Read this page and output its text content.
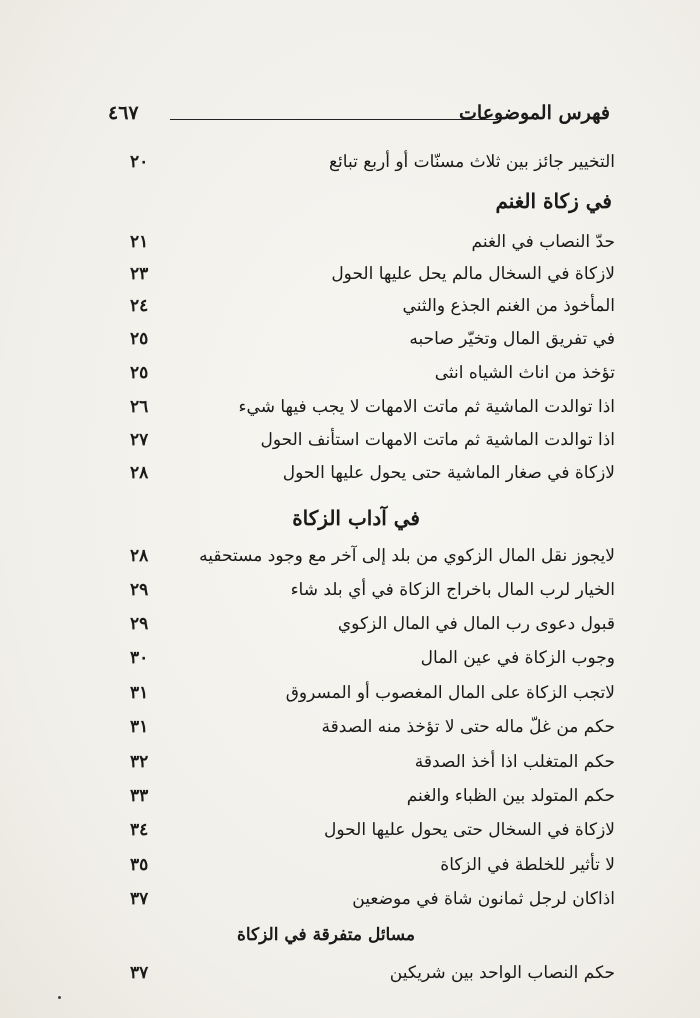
فهرس الموضوعات
٤٦٧
التخيير جائز بين ثلاث مسنّات أو أربع تبائع
٢٠
في زكاة الغنم
حدّ النصاب في الغنم
٢١
لازكاة في السخال مالم يحل عليها الحول
٢٣
المأخوذ من الغنم الجذع والثني
٢٤
في تفريق المال وتخيّر صاحبه
٢٥
تؤخذ من اناث الشياه انثى
٢٥
اذا توالدت الماشية ثم ماتت الامهات لا يجب فيها شيء
٢٦
اذا توالدت الماشية ثم ماتت الامهات استأنف الحول
٢٧
لازكاة في صغار الماشية حتى يحول عليها الحول
٢٨
في آداب الزكاة
لايجوز نقل المال الزكوي من بلد إلى آخر مع وجود مستحقيه
٢٨
الخيار لرب المال باخراج الزكاة في أي بلد شاء
٢٩
قبول دعوى رب المال في المال الزكوي
٢٩
وجوب الزكاة في عين المال
٣٠
لاتجب الزكاة على المال المغصوب أو المسروق
٣١
حكم من غلّ ماله حتى لا تؤخذ منه الصدقة
٣١
حكم المتغلب اذا أخذ الصدقة
٣٢
حكم المتولد بين الظباء والغنم
٣٣
لازكاة في السخال حتى يحول عليها الحول
٣٤
لا تأثير للخلطة في الزكاة
٣٥
اذاكان لرجل ثمانون شاة في موضعين
٣٧
مسائل متفرقة في الزكاة
حكم النصاب الواحد بين شريكين
٣٧
